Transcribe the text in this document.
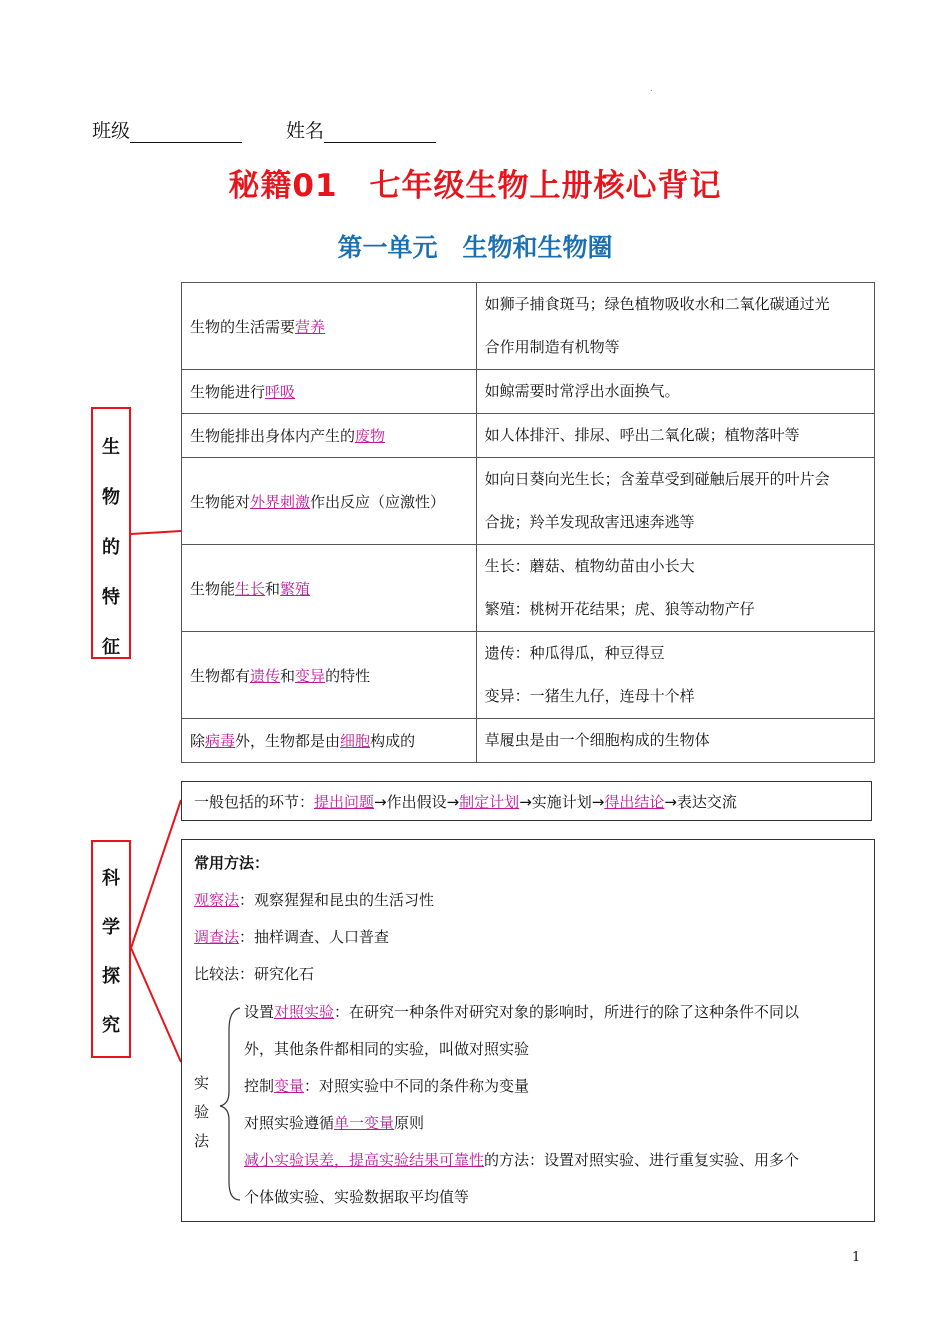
.
班级	姓名
秘籍01　七年级生物上册核心背记
第一单元　生物和生物圈
生物的生活需要营养	如狮子捕食斑马；绿色植物吸收水和二氧化碳通过光
合作用制造有机物等

生物能进行呼吸	如鲸需要时常浮出水面换气。

生物能排出身体内产生的废物	如人体排汗、排尿、呼出二氧化碳；植物落叶等

生物能对外界刺激作出反应（应激性）	如向日葵向光生长；含羞草受到碰触后展开的叶片会
合拢；羚羊发现敌害迅速奔逃等

生物能生长和繁殖	生长：蘑菇、植物幼苗由小长大
繁殖：桃树开花结果；虎、狼等动物产仔

生物都有遗传和变异的特性	遗传：种瓜得瓜，种豆得豆
变异：一猪生九仔，连母十个样

除病毒外，生物都是由细胞构成的	草履虫是由一个细胞构成的生物体
生
物
的
特
征
科
学
探
究
一般包括的环节：提出问题→作出假设→制定计划→实施计划→得出结论→表达交流
常用方法：
观察法：观察猩猩和昆虫的生活习性
调查法：抽样调查、人口普查
比较法：研究化石
实
验
法
设置对照实验：在研究一种条件对研究对象的影响时，所进行的除了这种条件不同以
外，其他条件都相同的实验，叫做对照实验
控制变量：对照实验中不同的条件称为变量
对照实验遵循单一变量原则
减小实验误差，提高实验结果可靠性的方法：设置对照实验、进行重复实验、用多个
个体做实验、实验数据取平均值等
1
